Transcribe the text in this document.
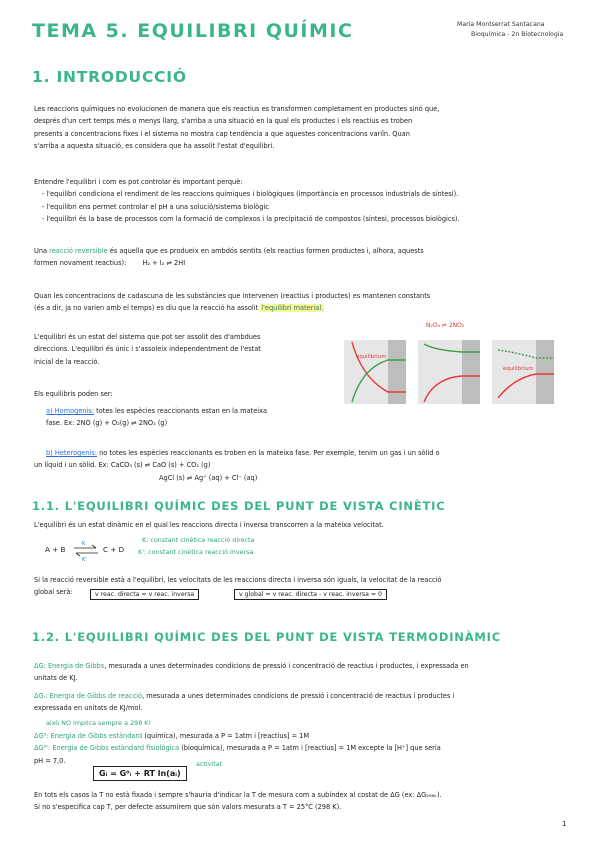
TEMA 5. EQUILIBRI QUÍMIC	Maria Montserrat Santacana
Bioquímica - 2n Biotecnologia
1. INTRODUCCIÓ
Les reaccions químiques no evolucionen de manera que els reactius es transformen completament en productes sinó que,
després d'un cert temps més o menys llarg, s'arriba a una situació en la qual els productes i els reactius es troben
presents a concentracions fixes i el sistema no mostra cap tendència a que aquestes concentracions variïn. Quan
s'arriba a aquesta situació, es considera que ha assolit l'estat d'equilibri.
Entendre l'equilibri i com es pot controlar és important perquè:
- l'equilibri condiciona el rendiment de les reaccions químiques i biològiques (importància en processos industrials de síntesi).
- l'equilibri ens permet controlar el pH a una solució/sistema biològic
- l'equilibri és la base de processos com la formació de complexos i la precipitació de compostos (síntesi, processos biològics).
Una reacció reversible és aquella que es produeix en ambdós sentits (els reactius formen productes i, alhora, aquests
formen novament reactius): H₂ + I₂ ⇌ 2HI
Quan les concentracions de cadascuna de les substàncies que intervenen (reactius i productes) es mantenen constants
(és a dir, ja no varien amb el temps) es diu que la reacció ha assolit l'equilibri material.
L'equilibri és un estat del sistema que pot ser assolit des d'ambdues
direccions. L'equilibri és únic i s'assoleix independentment de l'estat
inicial de la reacció.
Els equilibris poden ser:
a) Homogenis: totes les espècies reaccionants estan en la mateixa
fase. Ex: 2NO (g) + O₂(g) ⇌ 2NO₂ (g)
b) Heterogenis: no totes les espècies reaccionants es troben en la mateixa fase. Per exemple, tenim un gas i un sòlid o
un líquid i un sòlid. Ex: CaCO₃ (s) ⇌ CaO (s) + CO₂ (g)
AgCl (s) ⇌ Ag⁺ (aq) + Cl⁻ (aq)
N₂O₄ ⇌ 2NO₂
equilibrium
equilibrium
1.1. L'EQUILIBRI QUÍMIC DES DEL PUNT DE VISTA CINÈTIC
L'equilibri és un estat dinàmic en el qual les reaccions directa i inversa transcorren a la mateixa velocitat.
A + B
K
K'
C + D
K: constant cinètica reacció directa
K': constant cinètica reacció inversa
Si la reacció reversible està a l'equilibri, les velocitats de les reaccions directa i inversa són iguals, la velocitat de la reacció
global serà:	v reac. directa = v reac. inversa	v global = v reac. directa - v reac. inversa = 0
1.2. L'EQUILIBRI QUÍMIC DES DEL PUNT DE VISTA TERMODINÀMIC
ΔG: Energia de Gibbs, mesurada a unes determinades condicions de pressió i concentració de reactius i productes, i expressada en
unitats de KJ.
ΔGᵣ: Energia de Gibbs de reacció, mesurada a unes determinades condicions de pressió i concentració de reactius i productes i
expressada en unitats de KJ/mol.
això NO implica sempre a 298 K!
ΔG⁰: Energia de Gibbs estàndard (química), mesurada a P = 1atm i [reactius] = 1M
ΔG⁰': Energia de Gibbs estàndard fisiològica (bioquímica), mesurada a P = 1atm i [reactius] = 1M excepte la [H⁺] que seria
pH = 7,0.
Gᵢ = G⁰ᵢ + RT ln(aᵢ)
activitat
En tots els casos la T no està fixada i sempre s'hauria d'indicar la T de mesura com a subíndex al costat de ΔG (ex: ΔG₂₉₈ₖ).
Si no s'especifica cap T, per defecte assumirem que són valors mesurats a T = 25°C (298 K).
1
